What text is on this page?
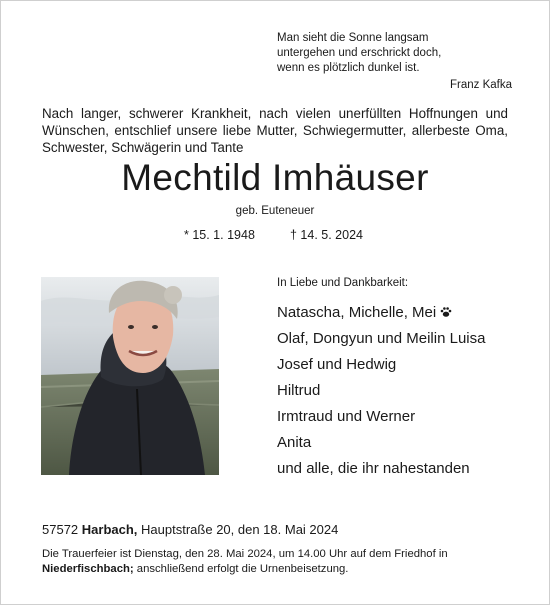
Man sieht die Sonne langsam
untergehen und erschrickt doch,
wenn es plötzlich dunkel ist.
Franz Kafka
Nach langer, schwerer Krankheit, nach vielen unerfüllten Hoffnungen und Wünschen, entschlief unsere liebe Mutter, Schwiegermutter, allerbeste Oma, Schwester, Schwägerin und Tante
Mechtild Imhäuser
geb. Euteneuer
* 15. 1. 1948	† 14. 5. 2024
In Liebe und Dankbarkeit:
Natascha, Michelle, Mei
Olaf, Dongyun und Meilin Luisa
Josef und Hedwig
Hiltrud
Irmtraud und Werner
Anita
und alle, die ihr nahestanden
57572 Harbach, Hauptstraße 20, den 18. Mai 2024
Die Trauerfeier ist Dienstag, den 28. Mai 2024, um 14.00 Uhr auf dem Friedhof in Niederfischbach; anschließend erfolgt die Urnenbeisetzung.
